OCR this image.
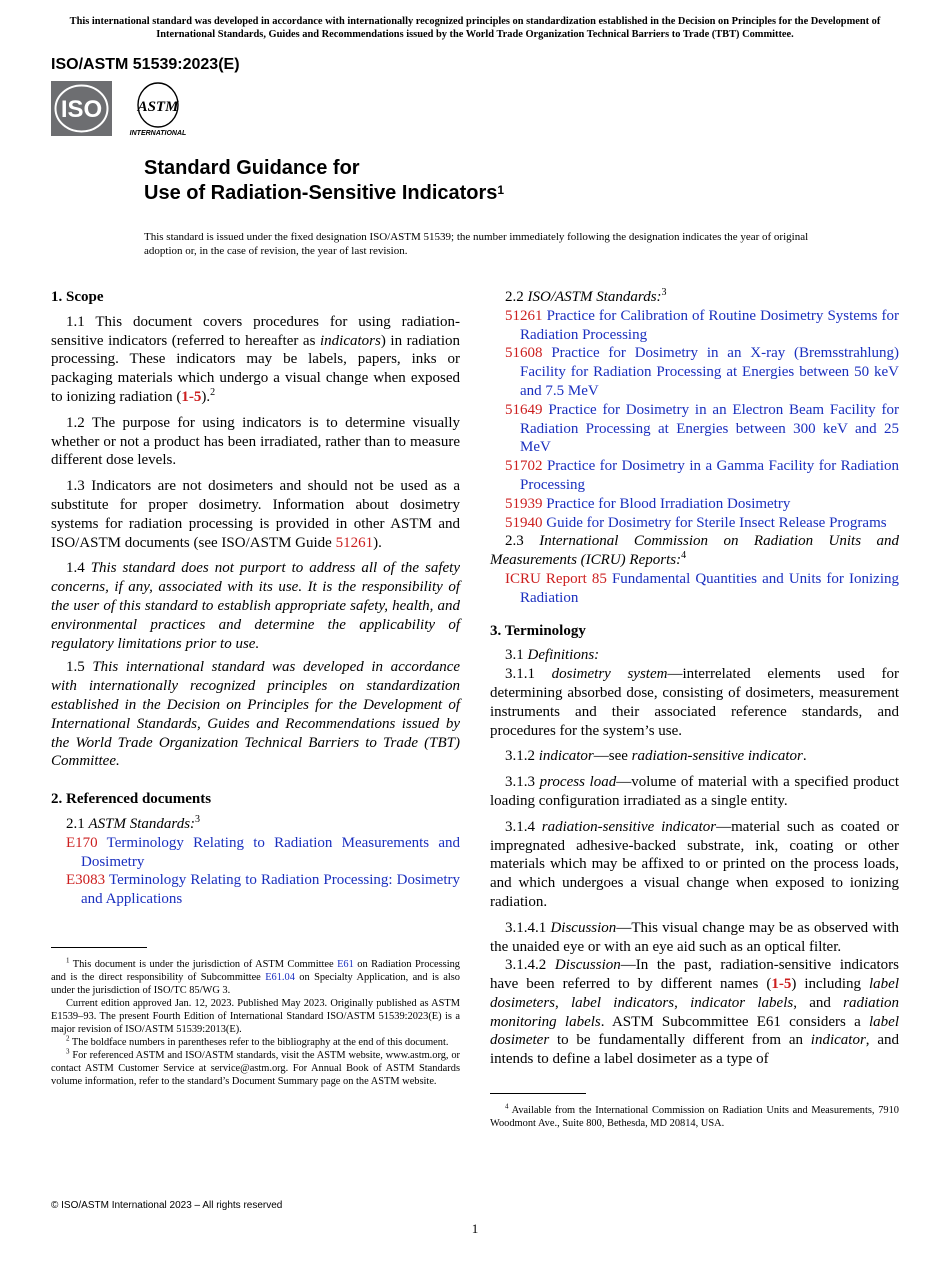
This international standard was developed in accordance with internationally recognized principles on standardization established in the Decision on Principles for the Development of International Standards, Guides and Recommendations issued by the World Trade Organization Technical Barriers to Trade (TBT) Committee.
ISO/ASTM 51539:2023(E)
ISO ASTM
INTERNATIONAL
Standard Guidance for
Use of Radiation-Sensitive Indicators$^1$
This standard is issued under the fixed designation ISO/ASTM 51539; the number immediately following the designation indicates the year of original adoption or, in the case of revision, the year of last revision.
1. Scope
1.1 This document covers procedures for using radiation-sensitive indicators (referred to hereafter as indicators) in radiation processing. These indicators may be labels, papers, inks or packaging materials which undergo a visual change when exposed to ionizing radiation (1-5).$^2$
1.2 The purpose for using indicators is to determine visually whether or not a product has been irradiated, rather than to measure different dose levels.
1.3 Indicators are not dosimeters and should not be used as a substitute for proper dosimetry. Information about dosimetry systems for radiation processing is provided in other ASTM and ISO/ASTM documents (see ISO/ASTM Guide 51261).
1.4 This standard does not purport to address all of the safety concerns, if any, associated with its use. It is the responsibility of the user of this standard to establish appropriate safety, health, and environmental practices and determine the applicability of regulatory limitations prior to use.
1.5 This international standard was developed in accordance with internationally recognized principles on standardization established in the Decision on Principles for the Development of International Standards, Guides and Recommendations issued by the World Trade Organization Technical Barriers to Trade (TBT) Committee.
2. Referenced documents
2.1 ASTM Standards:$^3$
E170 Terminology Relating to Radiation Measurements and Dosimetry
E3083 Terminology Relating to Radiation Processing: Dosimetry and Applications
$^1$ This document is under the jurisdiction of ASTM Committee E61 on Radiation Processing and is the direct responsibility of Subcommittee E61.04 on Specialty Application, and is also under the jurisdiction of ISO/TC 85/WG 3.
Current edition approved Jan. 12, 2023. Published May 2023. Originally published as ASTM E1539–93. The present Fourth Edition of International Standard ISO/ASTM 51539:2023(E) is a major revision of ISO/ASTM 51539:2013(E).
$^2$ The boldface numbers in parentheses refer to the bibliography at the end of this document.
$^3$ For referenced ASTM and ISO/ASTM standards, visit the ASTM website, www.astm.org, or contact ASTM Customer Service at service@astm.org. For Annual Book of ASTM Standards volume information, refer to the standard’s Document Summary page on the ASTM website.
2.2 ISO/ASTM Standards:$^3$
51261 Practice for Calibration of Routine Dosimetry Systems for Radiation Processing
51608 Practice for Dosimetry in an X-ray (Bremsstrahlung) Facility for Radiation Processing at Energies between 50 keV and 7.5 MeV
51649 Practice for Dosimetry in an Electron Beam Facility for Radiation Processing at Energies between 300 keV and 25 MeV
51702 Practice for Dosimetry in a Gamma Facility for Radiation Processing
51939 Practice for Blood Irradiation Dosimetry
51940 Guide for Dosimetry for Sterile Insect Release Programs
2.3 International Commission on Radiation Units and Measurements (ICRU) Reports:$^4$
ICRU Report 85 Fundamental Quantities and Units for Ionizing Radiation
3. Terminology
3.1 Definitions:
3.1.1 dosimetry system—interrelated elements used for determining absorbed dose, consisting of dosimeters, measurement instruments and their associated reference standards, and procedures for the system’s use.
3.1.2 indicator—see radiation-sensitive indicator.
3.1.3 process load—volume of material with a specified product loading configuration irradiated as a single entity.
3.1.4 radiation-sensitive indicator—material such as coated or impregnated adhesive-backed substrate, ink, coating or other materials which may be affixed to or printed on the process loads, and which undergoes a visual change when exposed to ionizing radiation.
3.1.4.1 Discussion—This visual change may be as observed with the unaided eye or with an eye aid such as an optical filter.
3.1.4.2 Discussion—In the past, radiation-sensitive indicators have been referred to by different names (1-5) including label dosimeters, label indicators, indicator labels, and radiation monitoring labels. ASTM Subcommittee E61 considers a label dosimeter to be fundamentally different from an indicator, and intends to define a label dosimeter as a type of
$^4$ Available from the International Commission on Radiation Units and Measurements, 7910 Woodmont Ave., Suite 800, Bethesda, MD 20814, USA.
© ISO/ASTM International 2023 – All rights reserved
1
